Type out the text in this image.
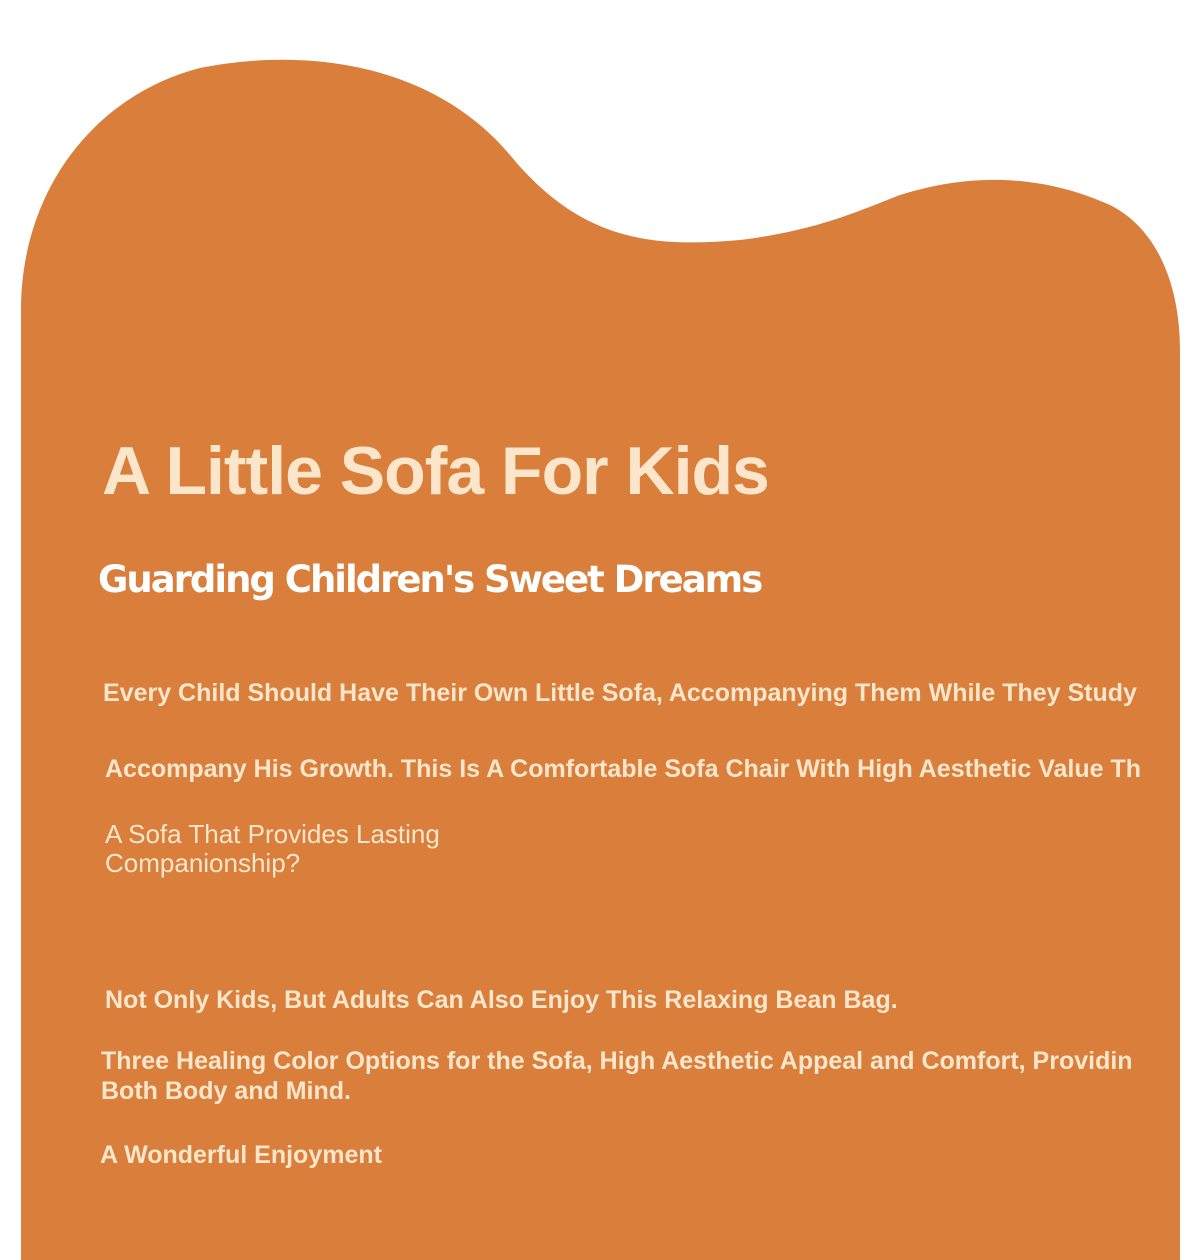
A Little Sofa For Kids
Guarding Children's Sweet Dreams

Every Child Should Have Their Own Little Sofa, Accompanying Them While They Study

Accompany His Growth. This Is A Comfortable Sofa Chair With High Aesthetic Value Th

A Sofa That Provides Lasting Companionship?

Not Only Kids, But Adults Can Also Enjoy This Relaxing Bean Bag.

Three Healing Color Options for the Sofa, High Aesthetic Appeal and Comfort, Providin
Both Body and Mind.

A Wonderful Enjoyment
